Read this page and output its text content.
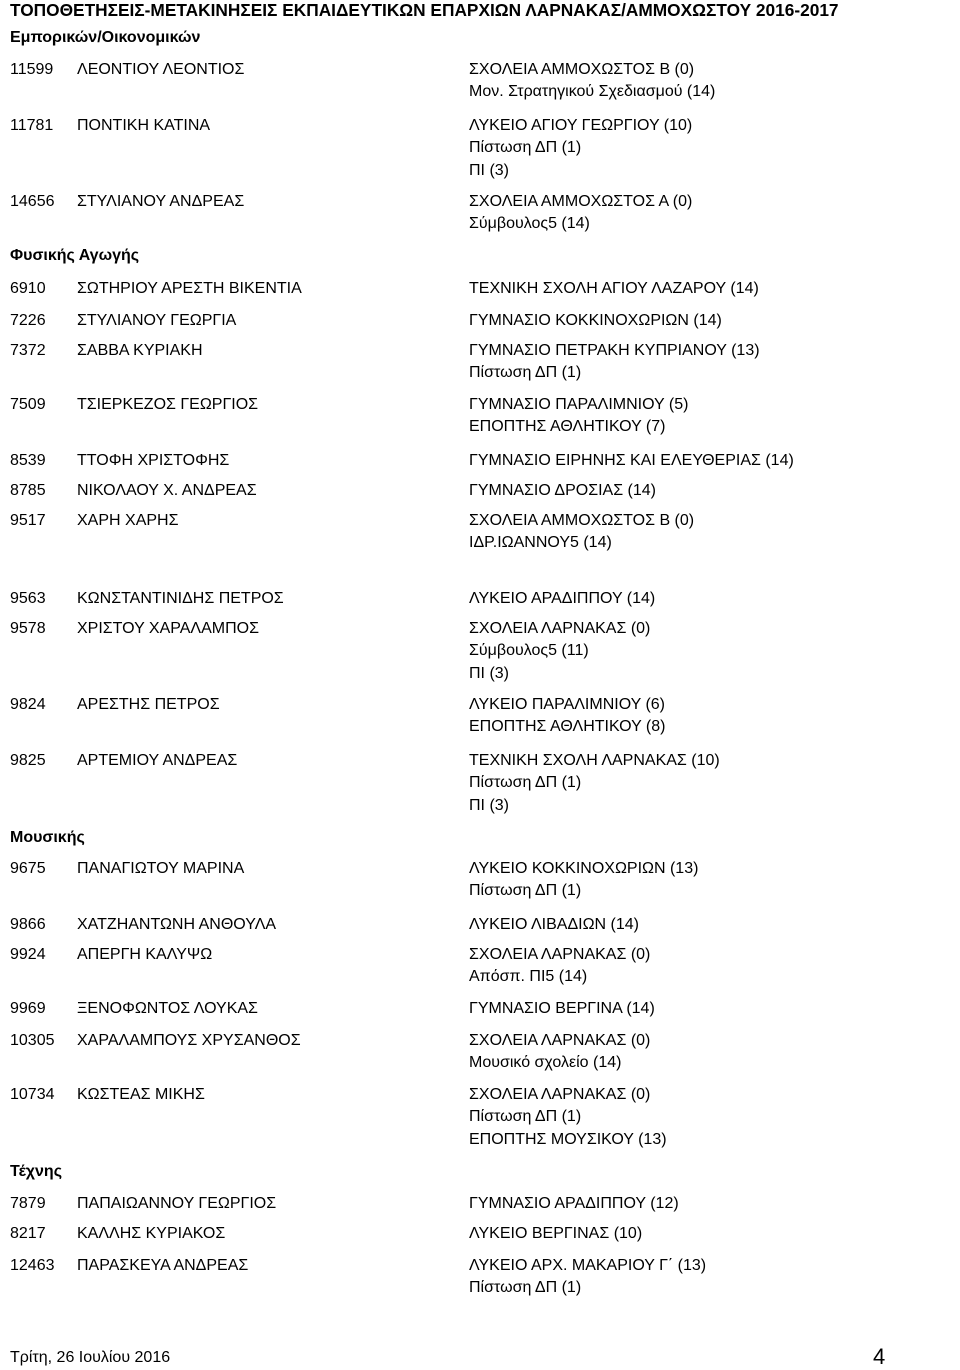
ΤΟΠΟΘΕΤΗΣΕΙΣ-ΜΕΤΑΚΙΝΗΣΕΙΣ ΕΚΠΑΙΔΕΥΤΙΚΩΝ ΕΠΑΡΧΙΩΝ ΛΑΡΝΑΚΑΣ/ΑΜΜΟΧΩΣΤΟΥ 2016-2017
Εμπορικών/Οικονομικών
11599 ΛΕΟΝΤΙΟΥ ΛΕΟΝΤΙΟΣ	ΣΧΟΛΕΙΑ ΑΜΜΟΧΩΣΤΟΣ Β (0)
Μον. Στρατηγικού Σχεδιασμού (14)
11781 ΠΟΝΤΙΚΗ ΚΑΤΙΝΑ	ΛΥΚΕΙΟ ΑΓΙΟΥ ΓΕΩΡΓΙΟΥ (10)
Πίστωση ΔΠ (1)
ΠΙ (3)
14656 ΣΤΥΛΙΑΝΟΥ ΑΝΔΡΕΑΣ	ΣΧΟΛΕΙΑ ΑΜΜΟΧΩΣΤΟΣ Α (0)
Σύμβουλος5 (14)
Φυσικής Αγωγής
6910 ΣΩΤΗΡΙΟΥ ΑΡΕΣΤΗ ΒΙΚΕΝΤΙΑ	ΤΕΧΝΙΚΗ ΣΧΟΛΗ ΑΓΙΟΥ ΛΑΖΑΡΟΥ (14)
7226 ΣΤΥΛΙΑΝΟΥ ΓΕΩΡΓΙΑ	ΓΥΜΝΑΣΙΟ ΚΟΚΚΙΝΟΧΩΡΙΩΝ (14)
7372 ΣΑΒΒΑ ΚΥΡΙΑΚΗ	ΓΥΜΝΑΣΙΟ ΠΕΤΡΑΚΗ ΚΥΠΡΙΑΝΟΥ (13)
Πίστωση ΔΠ (1)
7509 ΤΣΙΕΡΚΕΖΟΣ ΓΕΩΡΓΙΟΣ	ΓΥΜΝΑΣΙΟ ΠΑΡΑΛΙΜΝΙΟΥ (5)
ΕΠΟΠΤΗΣ ΑΘΛΗΤΙΚΟΥ (7)
8539 ΤΤΟΦΗ ΧΡΙΣΤΟΦΗΣ	ΓΥΜΝΑΣΙΟ ΕΙΡΗΝΗΣ ΚΑΙ ΕΛΕΥΘΕΡΙΑΣ (14)
8785 ΝΙΚΟΛΑΟΥ Χ. ΑΝΔΡΕΑΣ	ΓΥΜΝΑΣΙΟ ΔΡΟΣΙΑΣ (14)
9517 ΧΑΡΗ ΧΑΡΗΣ	ΣΧΟΛΕΙΑ ΑΜΜΟΧΩΣΤΟΣ Β (0)
ΙΔΡ.ΙΩΑΝΝΟΥ5 (14)
9563 ΚΩΝΣΤΑΝΤΙΝΙΔΗΣ ΠΕΤΡΟΣ	ΛΥΚΕΙΟ ΑΡΑΔΙΠΠΟΥ (14)
9578 ΧΡΙΣΤΟΥ ΧΑΡΑΛΑΜΠΟΣ	ΣΧΟΛΕΙΑ ΛΑΡΝΑΚΑΣ (0)
Σύμβουλος5 (11)
ΠΙ (3)
9824 ΑΡΕΣΤΗΣ ΠΕΤΡΟΣ	ΛΥΚΕΙΟ ΠΑΡΑΛΙΜΝΙΟΥ (6)
ΕΠΟΠΤΗΣ ΑΘΛΗΤΙΚΟΥ (8)
9825 ΑΡΤΕΜΙΟΥ ΑΝΔΡΕΑΣ	ΤΕΧΝΙΚΗ ΣΧΟΛΗ ΛΑΡΝΑΚΑΣ (10)
Πίστωση ΔΠ (1)
ΠΙ (3)
Μουσικής
9675 ΠΑΝΑΓΙΩΤΟΥ ΜΑΡΙΝΑ	ΛΥΚΕΙΟ ΚΟΚΚΙΝΟΧΩΡΙΩΝ (13)
Πίστωση ΔΠ (1)
9866 ΧΑΤΖΗΑΝΤΩΝΗ ΑΝΘΟΥΛΑ	ΛΥΚΕΙΟ ΛΙΒΑΔΙΩΝ (14)
9924 ΑΠΕΡΓΗ ΚΑΛΥΨΩ	ΣΧΟΛΕΙΑ ΛΑΡΝΑΚΑΣ (0)
Απόσπ. ΠΙ5 (14)
9969 ΞΕΝΟΦΩΝΤΟΣ ΛΟΥΚΑΣ	ΓΥΜΝΑΣΙΟ ΒΕΡΓΙΝΑ (14)
10305 ΧΑΡΑΛΑΜΠΟΥΣ ΧΡΥΣΑΝΘΟΣ	ΣΧΟΛΕΙΑ ΛΑΡΝΑΚΑΣ (0)
Μουσικό σχολείο (14)
10734 ΚΩΣΤΕΑΣ ΜΙΚΗΣ	ΣΧΟΛΕΙΑ ΛΑΡΝΑΚΑΣ (0)
Πίστωση ΔΠ (1)
ΕΠΟΠΤΗΣ ΜΟΥΣΙΚΟΥ (13)
Τέχνης
7879 ΠΑΠΑΙΩΑΝΝΟΥ ΓΕΩΡΓΙΟΣ	ΓΥΜΝΑΣΙΟ ΑΡΑΔΙΠΠΟΥ (12)
8217 ΚΑΛΛΗΣ ΚΥΡΙΑΚΟΣ	ΛΥΚΕΙΟ ΒΕΡΓΙΝΑΣ (10)
12463 ΠΑΡΑΣΚΕΥΑ ΑΝΔΡΕΑΣ	ΛΥΚΕΙΟ ΑΡΧ. ΜΑΚΑΡΙΟΥ Γ΄ (13)
Πίστωση ΔΠ (1)
Τρίτη, 26 Ιουλίου 2016	4
